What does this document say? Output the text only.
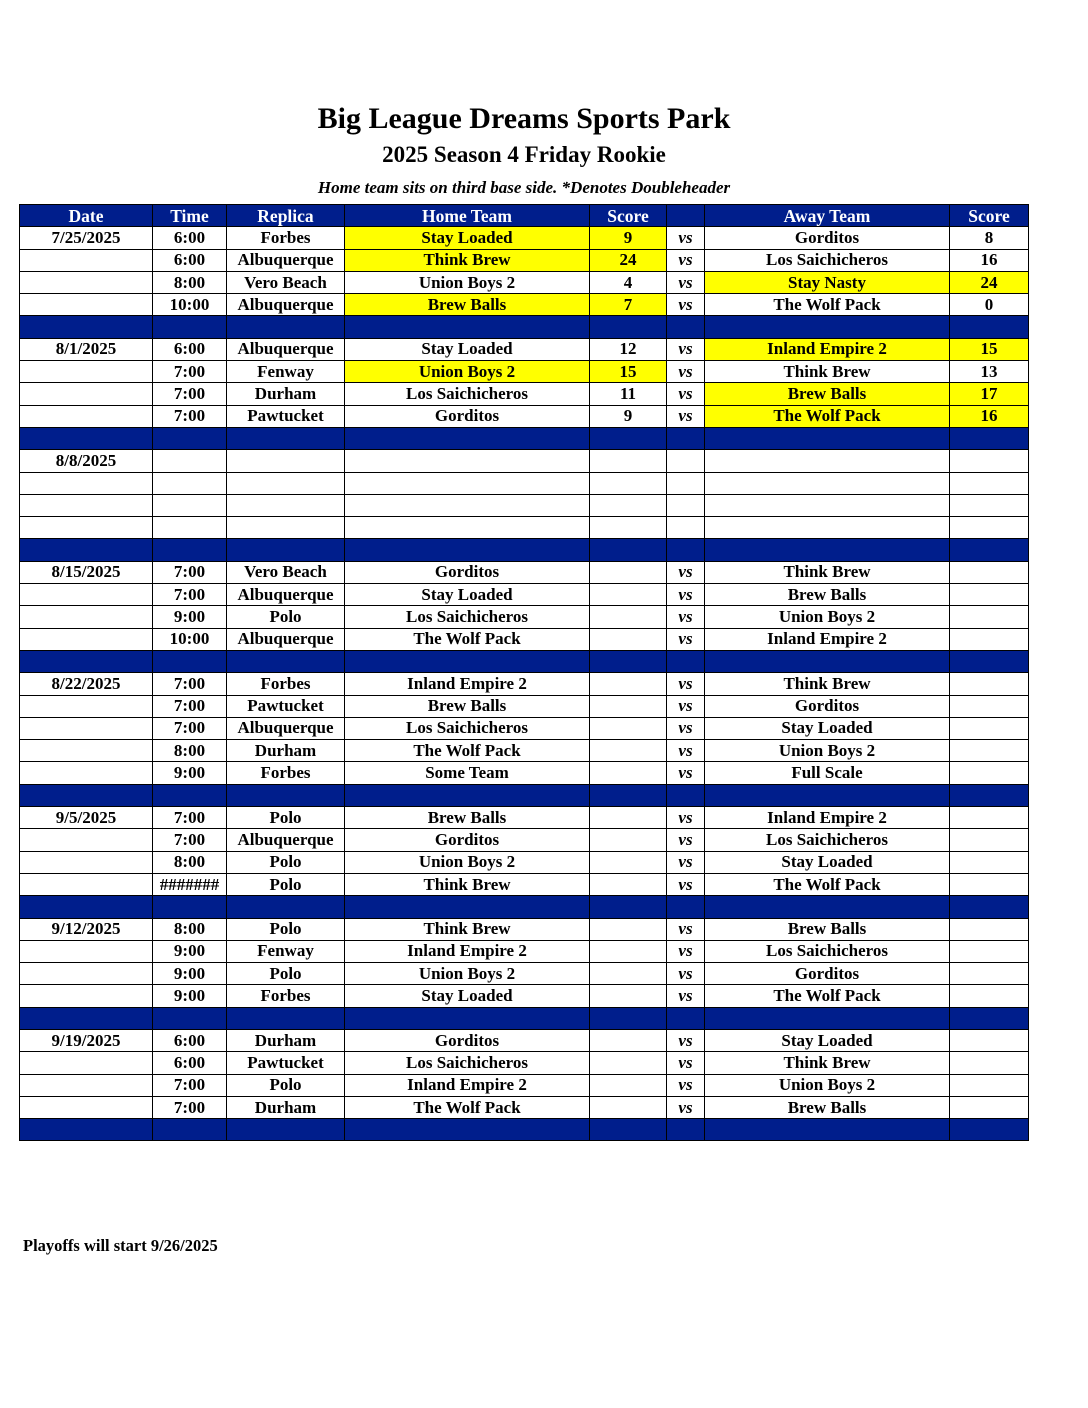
Big League Dreams Sports Park
2025 Season 4 Friday Rookie
Home team sits on third base side. *Denotes Doubleheader
Date	Time	Replica	Home Team	Score		Away Team	Score
7/25/2025	6:00	Forbes	Stay Loaded	9	vs	Gorditos	8
	6:00	Albuquerque	Think Brew	24	vs	Los Saichicheros	16
	8:00	Vero Beach	Union Boys 2	4	vs	Stay Nasty	24
	10:00	Albuquerque	Brew Balls	7	vs	The Wolf Pack	0

8/1/2025	6:00	Albuquerque	Stay Loaded	12	vs	Inland Empire 2	15
	7:00	Fenway	Union Boys 2	15	vs	Think Brew	13
	7:00	Durham	Los Saichicheros	11	vs	Brew Balls	17
	7:00	Pawtucket	Gorditos	9	vs	The Wolf Pack	16

8/8/2025							

8/15/2025	7:00	Vero Beach	Gorditos		vs	Think Brew	
	7:00	Albuquerque	Stay Loaded		vs	Brew Balls	
	9:00	Polo	Los Saichicheros		vs	Union Boys 2	
	10:00	Albuquerque	The Wolf Pack		vs	Inland Empire 2	

8/22/2025	7:00	Forbes	Inland Empire 2		vs	Think Brew	
	7:00	Pawtucket	Brew Balls		vs	Gorditos	
	7:00	Albuquerque	Los Saichicheros		vs	Stay Loaded	
	8:00	Durham	The Wolf Pack		vs	Union Boys 2	
	9:00	Forbes	Some Team		vs	Full Scale	

9/5/2025	7:00	Polo	Brew Balls		vs	Inland Empire 2	
	7:00	Albuquerque	Gorditos		vs	Los Saichicheros	
	8:00	Polo	Union Boys 2		vs	Stay Loaded	
	#######	Polo	Think Brew		vs	The Wolf Pack	

9/12/2025	8:00	Polo	Think Brew		vs	Brew Balls	
	9:00	Fenway	Inland Empire 2		vs	Los Saichicheros	
	9:00	Polo	Union Boys 2		vs	Gorditos	
	9:00	Forbes	Stay Loaded		vs	The Wolf Pack	

9/19/2025	6:00	Durham	Gorditos		vs	Stay Loaded	
	6:00	Pawtucket	Los Saichicheros		vs	Think Brew	
	7:00	Polo	Inland Empire 2		vs	Union Boys 2	
	7:00	Durham	The Wolf Pack		vs	Brew Balls	

Playoffs will start 9/26/2025
